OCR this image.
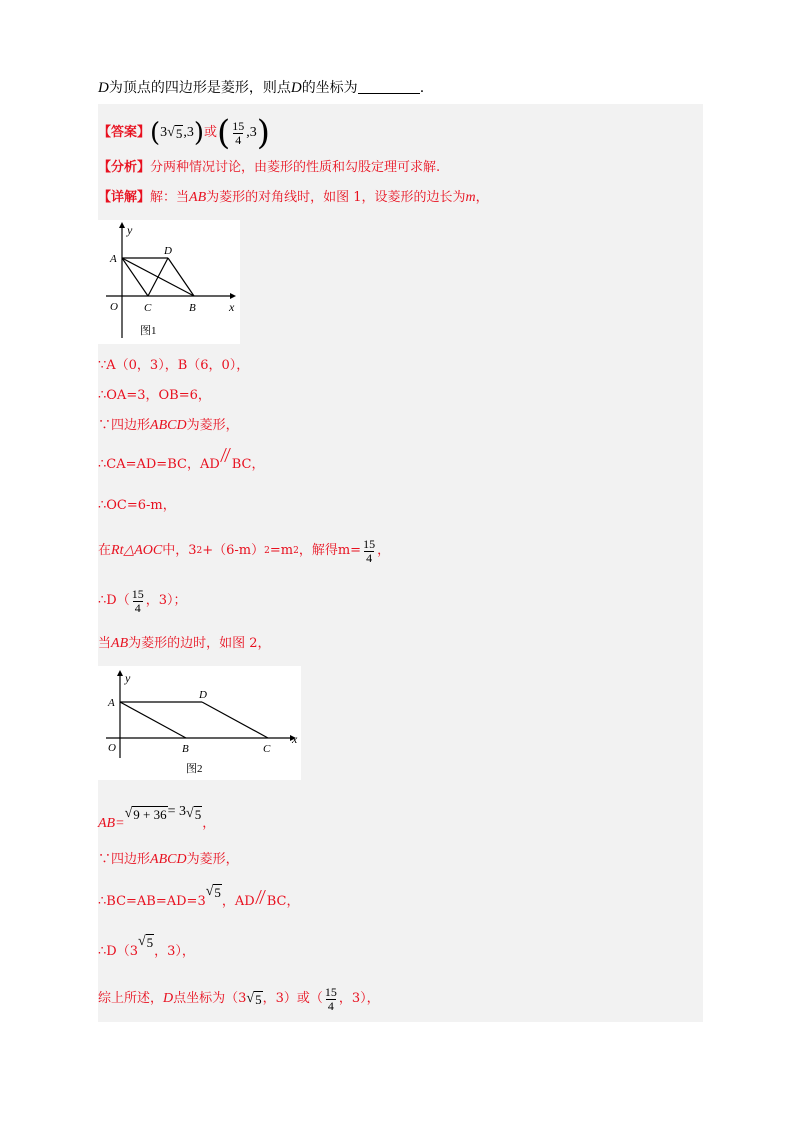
D为顶点的四边形是菱形，则点D的坐标为	.
【答案】 ( 3 √ 5 ,3 ) 或 ( $\frac{15}{4} ,3$ )
【分析】分两种情况讨论，由菱形的性质和勾股定理可求解.
【详解】解：当AB为菱形的对角线时，如图 1，设菱形的边长为m，
y
x
A
D
O C	B
图1
∵A（0，3），B（6，0），
∴OA=3，OB=6，
∵四边形ABCD为菱形，
∴CA=AD=BC，AD BC，
∴OC=6-m，
在 Rt△AOC 中，3 2 +（6-m） 2 =m 2 ，解得 $m= \frac{15}{4}$ ，
∴D（ $\frac{15}{4}$ ，3）；
当AB为菱形的边时，如图 2，
y
x
A
D
O	B	C
图2
AB=
√ 9 + 36 = 3 √ 5
，
∵四边形ABCD为菱形，
∴BC=AB=AD=3
√ 5
，AD BC，
∴D（3
√ 5
，3），
综上所述， D 点坐标为（3 √ 5 ，3）或（ $\frac{15}{4}$ ，3），
